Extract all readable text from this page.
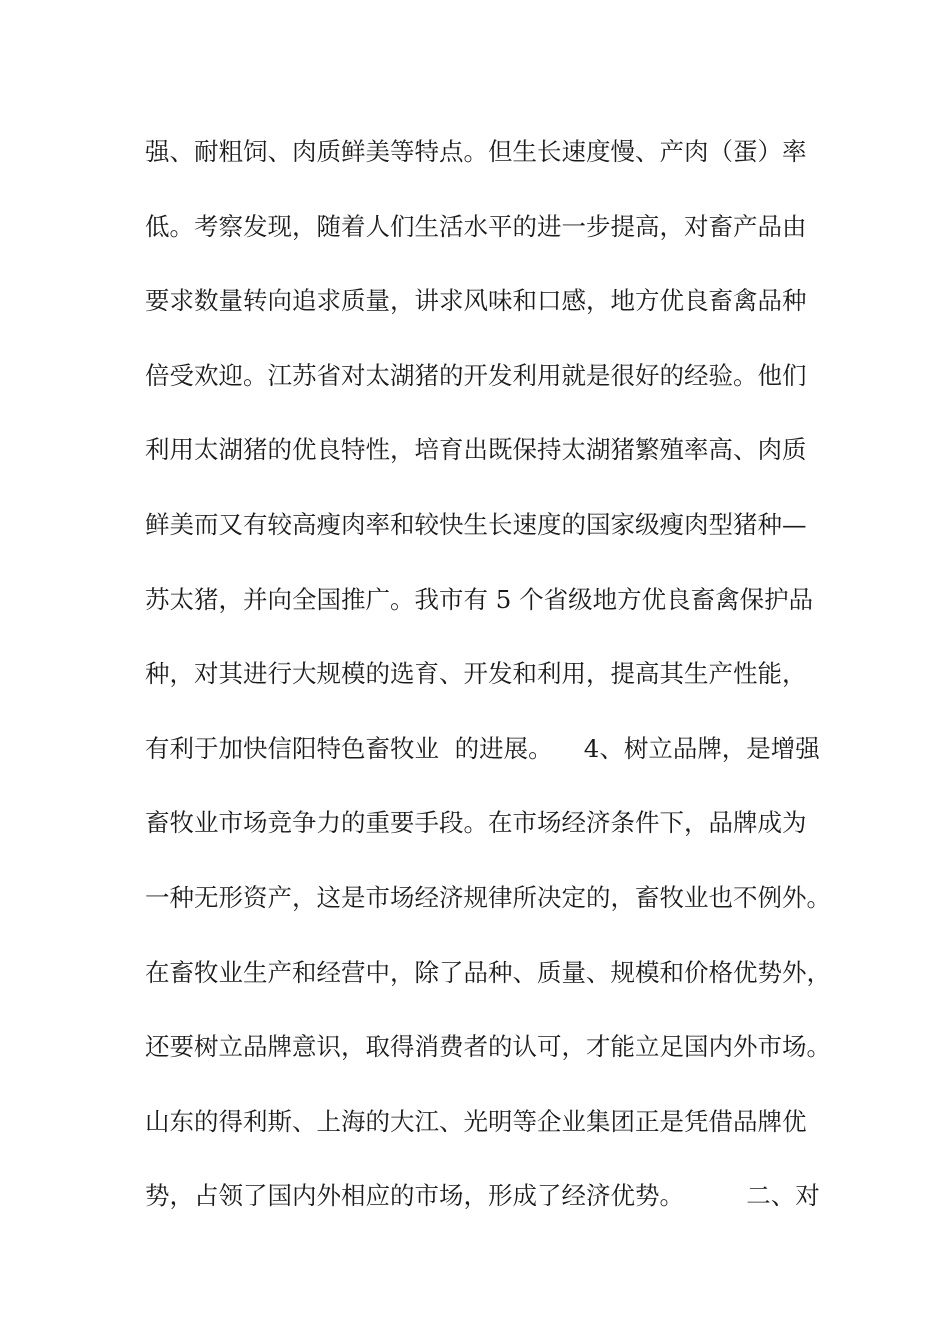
强、耐粗饲、肉质鲜美等特点。但生长速度慢、产肉（蛋）率
低。考察发现，随着人们生活水平的进一步提高，对畜产品由
要求数量转向追求质量，讲求风味和口感，地方优良畜禽品种
倍受欢迎。江苏省对太湖猪的开发利用就是很好的经验。他们
利用太湖猪的优良特性，培育出既保持太湖猪繁殖率高、肉质
鲜美而又有较高瘦肉率和较快生长速度的国家级瘦肉型猪种—
苏太猪，并向全国推广。我市有 5 个省级地方优良畜禽保护品
种，对其进行大规模的选育、开发和利用，提高其生产性能，
有利于加快信阳特色畜牧业  的进展。    4、树立品牌，是增强
畜牧业市场竞争力的重要手段。在市场经济条件下，品牌成为
一种无形资产，这是市场经济规律所决定的，畜牧业也不例外。
在畜牧业生产和经营中，除了品种、质量、规模和价格优势外，
还要树立品牌意识，取得消费者的认可，才能立足国内外市场。
山东的得利斯、上海的大江、光明等企业集团正是凭借品牌优
势，占领了国内外相应的市场，形成了经济优势。        二、对
